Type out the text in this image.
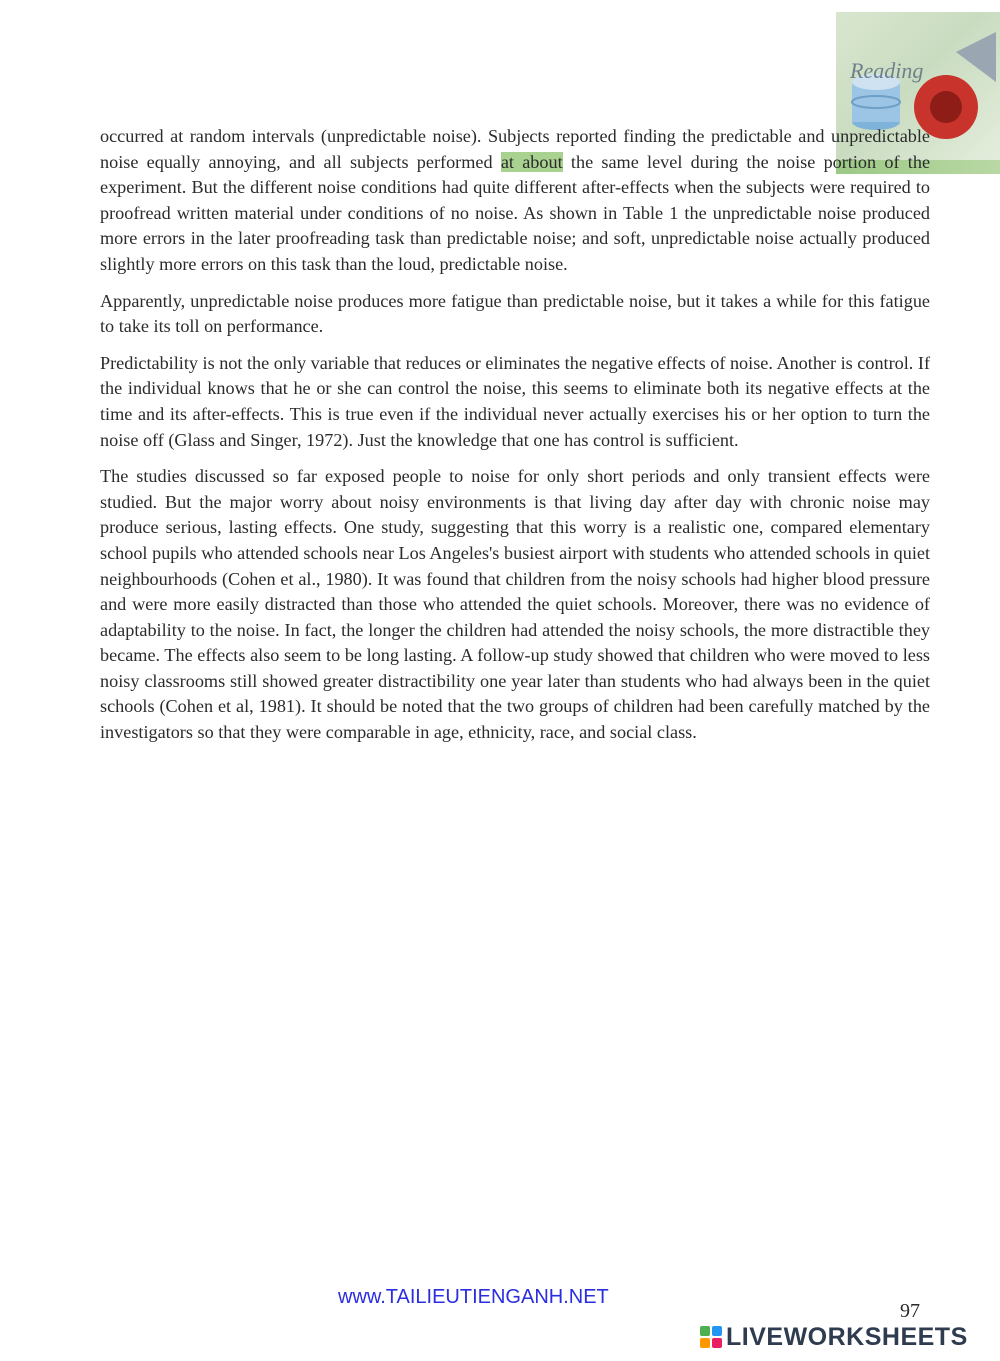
Reading

occurred at random intervals (unpredictable noise). Subjects reported finding the predictable and unpredictable noise equally annoying, and all subjects performed at about the same level during the noise portion of the experiment. But the different noise conditions had quite different after-effects when the subjects were required to proofread written material under conditions of no noise. As shown in Table 1 the unpredictable noise produced more errors in the later proofreading task than predictable noise; and soft, unpredictable noise actually produced slightly more errors on this task than the loud, predictable noise.

Apparently, unpredictable noise produces more fatigue than predictable noise, but it takes a while for this fatigue to take its toll on performance.

Predictability is not the only variable that reduces or eliminates the negative effects of noise. Another is control. If the individual knows that he or she can control the noise, this seems to eliminate both its negative effects at the time and its after-effects. This is true even if the individual never actually exercises his or her option to turn the noise off (Glass and Singer, 1972). Just the knowledge that one has control is sufficient.

The studies discussed so far exposed people to noise for only short periods and only transient effects were studied. But the major worry about noisy environments is that living day after day with chronic noise may produce serious, lasting effects. One study, suggesting that this worry is a realistic one, compared elementary school pupils who attended schools near Los Angeles's busiest airport with students who attended schools in quiet neighbourhoods (Cohen et al., 1980). It was found that children from the noisy schools had higher blood pressure and were more easily distracted than those who attended the quiet schools. Moreover, there was no evidence of adaptability to the noise. In fact, the longer the children had attended the noisy schools, the more distractible they became. The effects also seem to be long lasting. A follow-up study showed that children who were moved to less noisy classrooms still showed greater distractibility one year later than students who had always been in the quiet schools (Cohen et al, 1981). It should be noted that the two groups of children had been carefully matched by the investigators so that they were comparable in age, ethnicity, race, and social class.

www.TAILIEUTIENGANH.NET
97
LIVEWORKSHEETS
